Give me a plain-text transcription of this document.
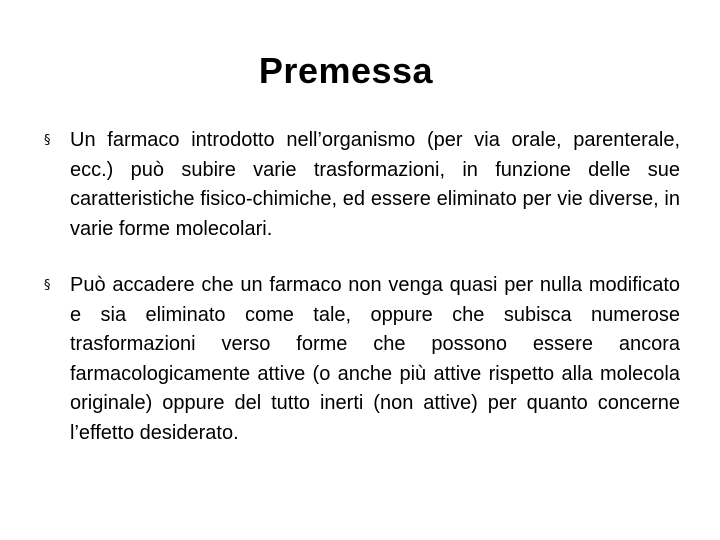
Premessa
§ Un farmaco introdotto nell’organismo (per via orale, parenterale, ecc.) può subire varie trasformazioni, in funzione delle sue caratteristiche fisico-chimiche, ed essere eliminato per vie diverse, in varie forme molecolari.
§ Può accadere che un farmaco non venga quasi per nulla modificato e sia eliminato come tale, oppure che subisca numerose trasformazioni verso forme che possono essere ancora farmacologicamente attive (o anche più attive rispetto alla molecola originale) oppure del tutto inerti (non attive) per quanto concerne l’effetto desiderato.
